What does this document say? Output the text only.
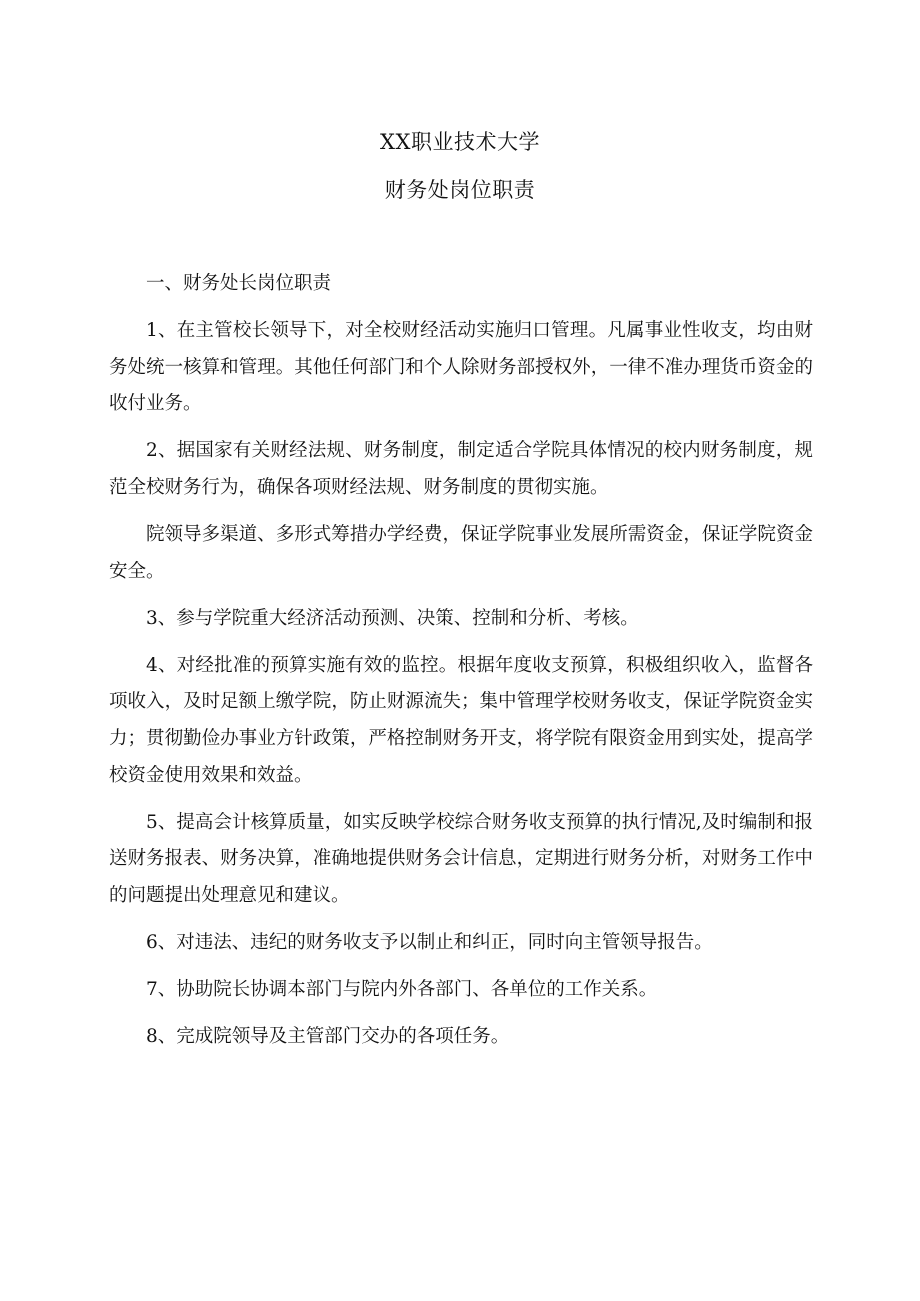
XX职业技术大学
财务处岗位职责

一、财务处长岗位职责

1、在主管校长领导下，对全校财经活动实施归口管理。凡属事业性收支，均由财务处统一核算和管理。其他任何部门和个人除财务部授权外，一律不准办理货币资金的收付业务。

2、据国家有关财经法规、财务制度，制定适合学院具体情况的校内财务制度，规范全校财务行为，确保各项财经法规、财务制度的贯彻实施。

院领导多渠道、多形式筹措办学经费，保证学院事业发展所需资金，保证学院资金安全。

3、参与学院重大经济活动预测、决策、控制和分析、考核。

4、对经批准的预算实施有效的监控。根据年度收支预算，积极组织收入，监督各项收入，及时足额上缴学院，防止财源流失；集中管理学校财务收支，保证学院资金实力；贯彻勤俭办事业方针政策，严格控制财务开支，将学院有限资金用到实处，提高学校资金使用效果和效益。

5、提高会计核算质量，如实反映学校综合财务收支预算的执行情况,及时编制和报送财务报表、财务决算，准确地提供财务会计信息，定期进行财务分析，对财务工作中的问题提出处理意见和建议。

6、对违法、违纪的财务收支予以制止和纠正，同时向主管领导报告。

7、协助院长协调本部门与院内外各部门、各单位的工作关系。

8、完成院领导及主管部门交办的各项任务。
